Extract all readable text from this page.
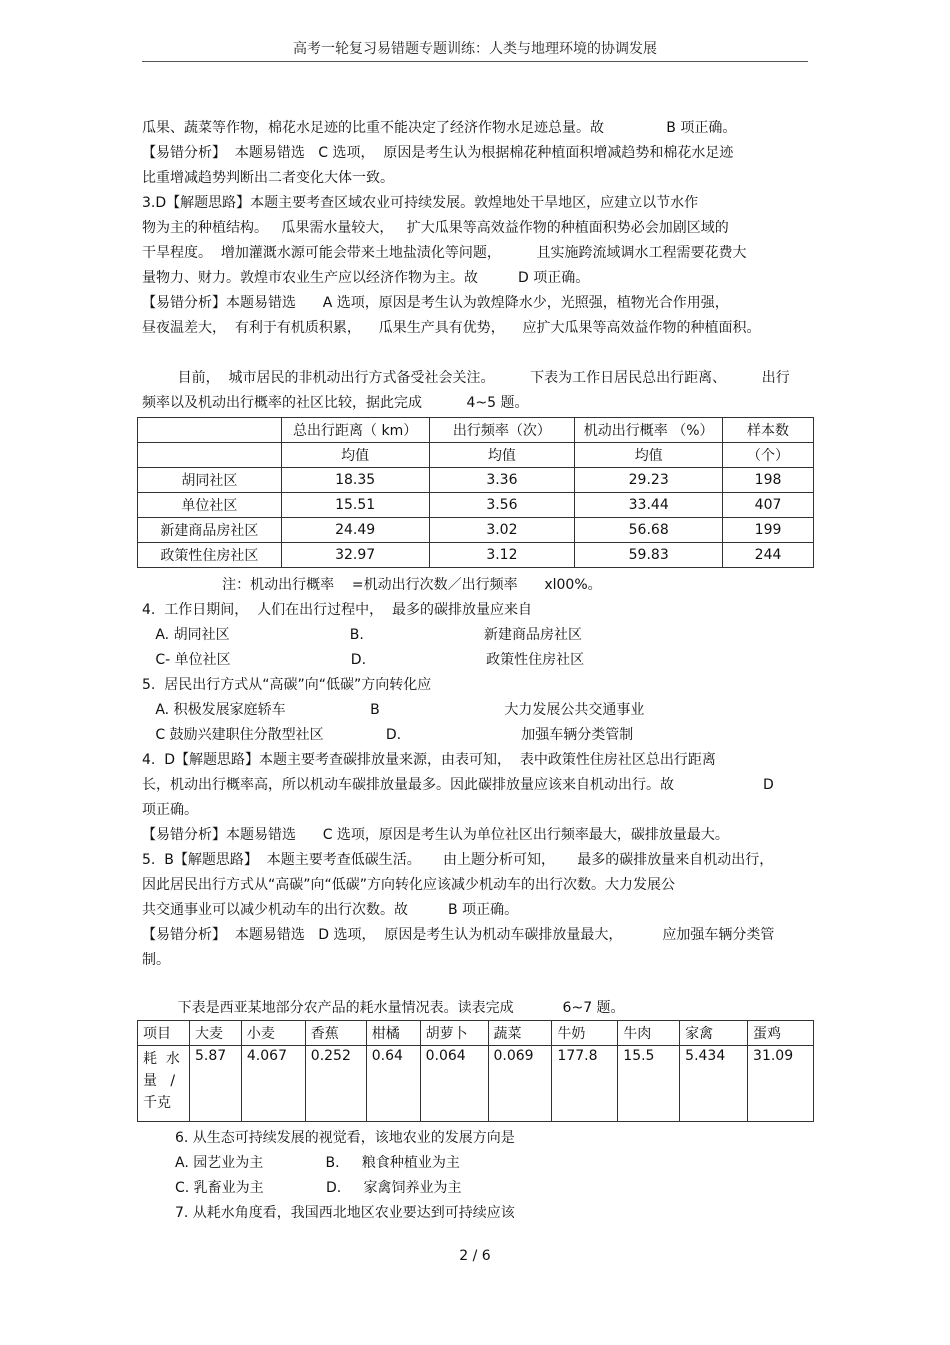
高考一轮复习易错题专题训练：人类与地理环境的协调发展
瓜果、蔬菜等作物，棉花水足迹的比重不能决定了经济作物水足迹总量。故              B 项正确。
【易错分析】  本题易错选   C 选项，  原因是考生认为根据棉花种植面积增减趋势和棉花水足迹
比重增减趋势判断出二者变化大体一致。
3.D【解题思路】本题主要考查区域农业可持续发展。敦煌地处干旱地区，应建立以节水作
物为主的种植结构。   瓜果需水量较大，   扩大瓜果等高效益作物的种植面积势必会加剧区域的
干旱程度。  增加灌溉水源可能会带来土地盐渍化等问题，        且实施跨流域调水工程需要花费大
量物力、财力。敦煌市农业生产应以经济作物为主。故         D 项正确。
【易错分析】本题易错选      A 选项，原因是考生认为敦煌降水少，光照强，植物光合作用强，
昼夜温差大，  有利于有机质积累，    瓜果生产具有优势，    应扩大瓜果等高效益作物的种植面积。
目前，  城市居民的非机动出行方式备受社会关注。        下表为工作日居民总出行距离、        出行
频率以及机动出行概率的社区比较，据此完成          4~5 题。
	总出行距离（ km）	出行频率（次）	机动出行概率 （%）	样本数
	均值	均值	均值	（个）
胡同社区	18.35	3.36	29.23	198
单位社区	15.51	3.56	33.44	407
新建商品房社区	24.49	3.02	56.68	199
政策性住房社区	32.97	3.12	59.83	244
注：机动出行概率    =机动出行次数／出行频率      xl00%。
4.  工作日期间，  人们在出行过程中，  最多的碳排放量应来自
A. 胡同社区                           B.                           新建商品房社区
C- 单位社区                           D.                           政策性住房社区
5.  居民出行方式从“高碳”向“低碳”方向转化应
A. 积极发展家庭轿车                   B                            大力发展公共交通事业
C 鼓励兴建职住分散型社区              D.                           加强车辆分类管制
4.  D【解题思路】本题主要考查碳排放量来源，由表可知，  表中政策性住房社区总出行距离
长，机动出行概率高，所以机动车碳排放量最多。因此碳排放量应该来自机动出行。故                    D
项正确。
【易错分析】本题易错选      C 选项，原因是考生认为单位社区出行频率最大，碳排放量最大。
5.  B【解题思路】  本题主要考查低碳生活。     由上题分析可知，     最多的碳排放量来自机动出行，
因此居民出行方式从“高碳”向“低碳”方向转化应该减少机动车的出行次数。大力发展公
共交通事业可以减少机动车的出行次数。故         B 项正确。
【易错分析】  本题易错选   D 选项，  原因是考生认为机动车碳排放量最大，         应加强车辆分类管
制。
下表是西亚某地部分农产品的耗水量情况表。读表完成           6~7 题。
项目	大麦	小麦	香蕉	柑橘	胡萝卜	蔬菜	牛奶	牛肉	家禽	蛋鸡

耗  水
量   /
千克	5.87	4.067	0.252	0.64	0.064	0.069	177.8	15.5	5.434	31.09
6. 从生态可持续发展的视觉看，该地农业的发展方向是
A. 园艺业为主              B.     粮食种植业为主
C. 乳畜业为主              D.     家禽饲养业为主
7. 从耗水角度看，我国西北地区农业要达到可持续应该
2 / 6
